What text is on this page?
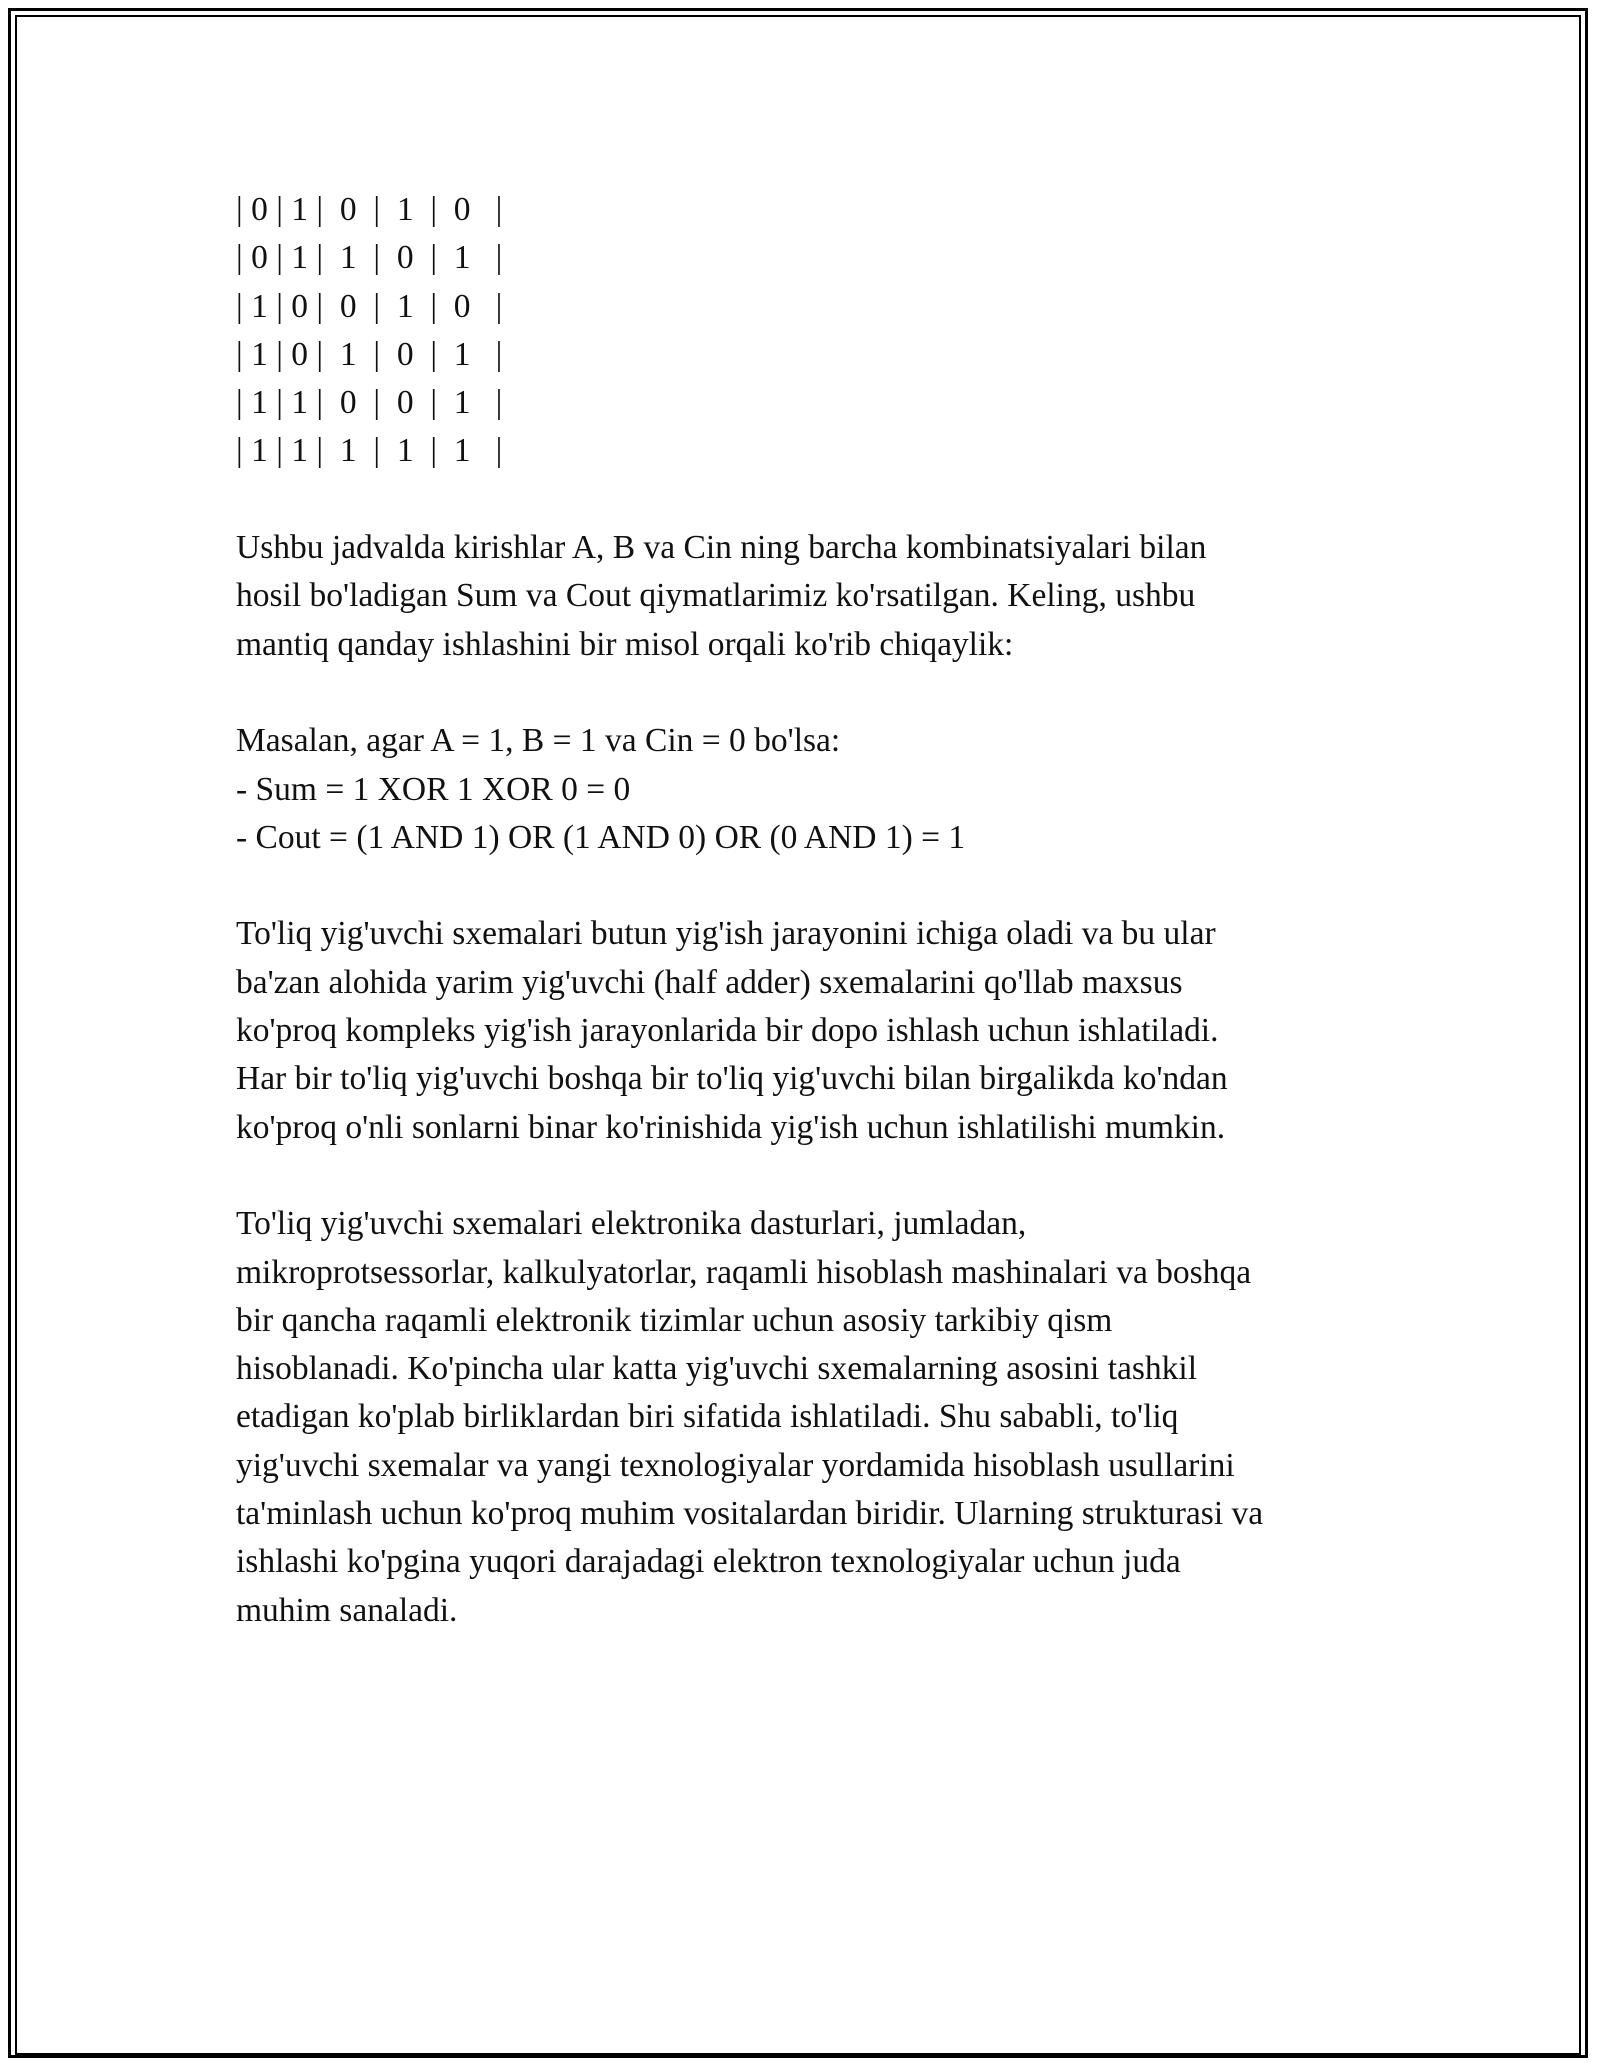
| 0 | 1 |  0  |  1  |  0   |

| 0 | 1 |  1  |  0  |  1   |

| 1 | 0 |  0  |  1  |  0   |

| 1 | 0 |  1  |  0  |  1   |

| 1 | 1 |  0  |  0  |  1   |

| 1 | 1 |  1  |  1  |  1   |

Ushbu jadvalda kirishlar A, B va Cin ning barcha kombinatsiyalari bilan
hosil bo'ladigan Sum va Cout qiymatlarimiz ko'rsatilgan. Keling, ushbu
mantiq qanday ishlashini bir misol orqali ko'rib chiqaylik:
Masalan, agar A = 1, B = 1 va Cin = 0 bo'lsa:
- Sum = 1 XOR 1 XOR 0 = 0
- Cout = (1 AND 1) OR (1 AND 0) OR (0 AND 1) = 1
To'liq yig'uvchi sxemalari butun yig'ish jarayonini ichiga oladi va bu ular
ba'zan alohida yarim yig'uvchi (half adder) sxemalarini qo'llab maxsus
ko'proq kompleks yig'ish jarayonlarida bir dopo ishlash uchun ishlatiladi.
Har bir to'liq yig'uvchi boshqa bir to'liq yig'uvchi bilan birgalikda ko'ndan
ko'proq o'nli sonlarni binar ko'rinishida yig'ish uchun ishlatilishi mumkin.
To'liq yig'uvchi sxemalari elektronika dasturlari, jumladan,
mikroprotsessorlar, kalkulyatorlar, raqamli hisoblash mashinalari va boshqa
bir qancha raqamli elektronik tizimlar uchun asosiy tarkibiy qism
hisoblanadi. Ko'pincha ular katta yig'uvchi sxemalarning asosini tashkil
etadigan ko'plab birliklardan biri sifatida ishlatiladi. Shu sababli, to'liq
yig'uvchi sxemalar va yangi texnologiyalar yordamida hisoblash usullarini
ta'minlash uchun ko'proq muhim vositalardan biridir. Ularning strukturasi va
ishlashi ko'pgina yuqori darajadagi elektron texnologiyalar uchun juda
muhim sanaladi.
